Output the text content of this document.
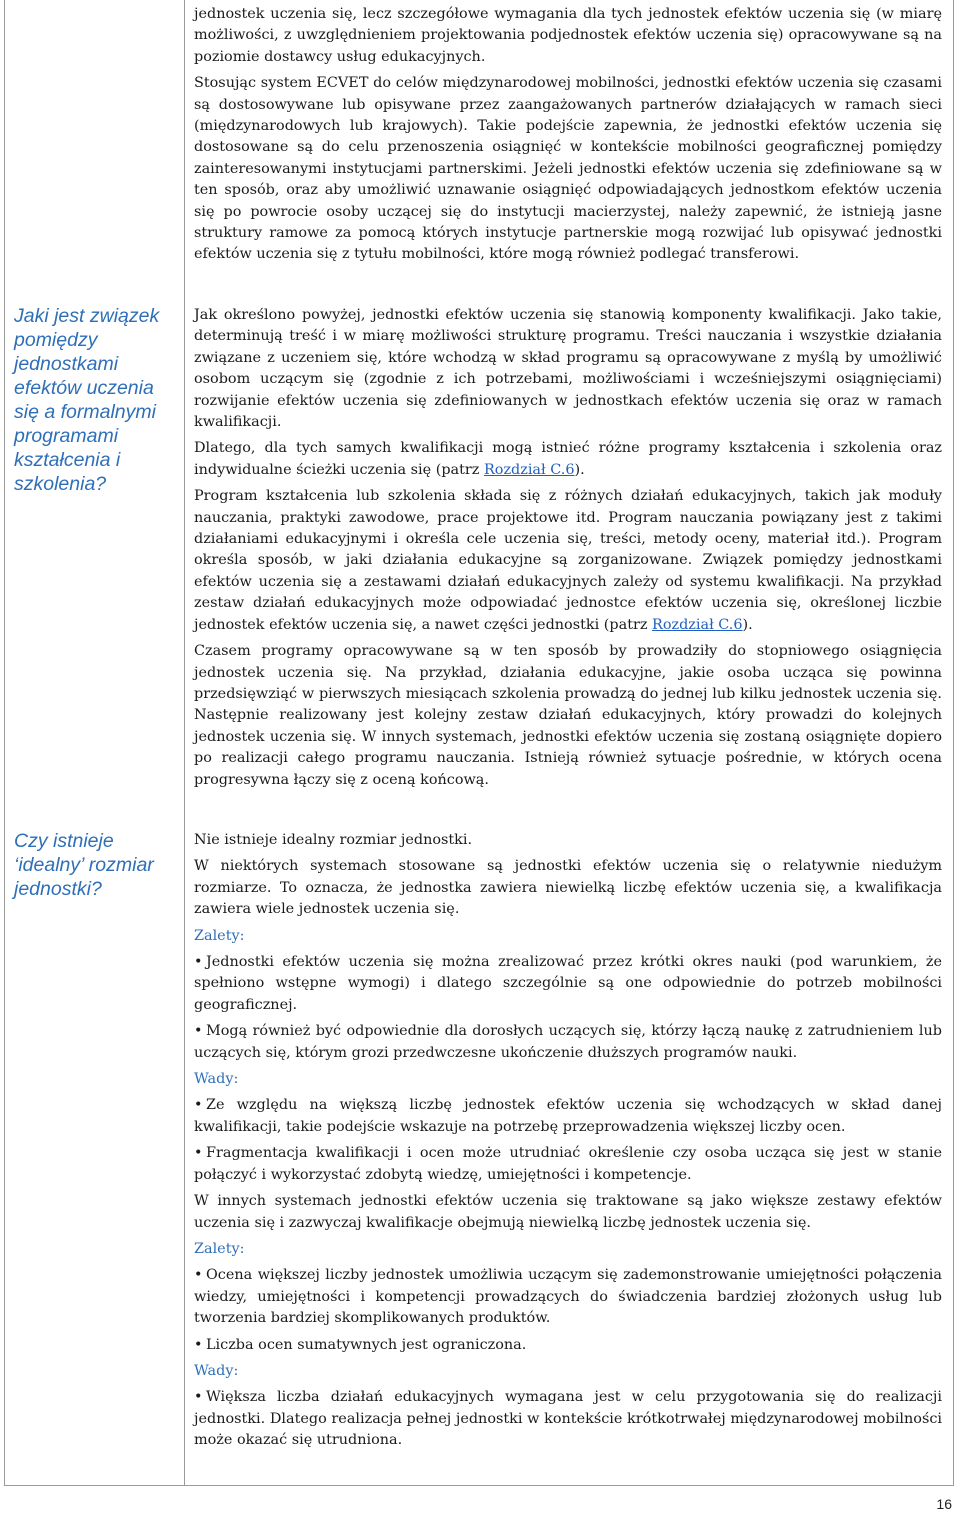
Jaki jest związek pomiędzy jednostkami efektów uczenia się a formalnymi programami kształcenia i szkolenia?
Czy istnieje ‘idealny’ rozmiar jednostki?

jednostek uczenia się, lecz szczegółowe wymagania dla tych jednostek efektów uczenia się (w miarę możliwości, z uwzględnieniem projektowania podjednostek efektów uczenia się) opracowywane są na poziomie dostawcy usług edukacyjnych.

Stosując system ECVET do celów międzynarodowej mobilności, jednostki efektów uczenia się czasami są dostosowywane lub opisywane przez zaangażowanych partnerów działających w ramach sieci (międzynarodowych lub krajowych). Takie podejście zapewnia, że jednostki efektów uczenia się dostosowane są do celu przenoszenia osiągnięć w kontekście mobilności geograficznej pomiędzy zainteresowanymi instytucjami partnerskimi. Jeżeli jednostki efektów uczenia się zdefiniowane są w ten sposób, oraz aby umożliwić uznawanie osiągnięć odpowiadających jednostkom efektów uczenia się po powrocie osoby uczącej się do instytucji macierzystej, należy zapewnić, że istnieją jasne struktury ramowe za pomocą których instytucje partnerskie mogą rozwijać lub opisywać jednostki efektów uczenia się z tytułu mobilności, które mogą również podlegać transferowi.

Jak określono powyżej, jednostki efektów uczenia się stanowią komponenty kwalifikacji. Jako takie, determinują treść i w miarę możliwości strukturę programu. Treści nauczania i wszystkie działania związane z uczeniem się, które wchodzą w skład programu są opracowywane z myślą by umożliwić osobom uczącym się (zgodnie z ich potrzebami, możliwościami i wcześniejszymi osiągnięciami) rozwijanie efektów uczenia się zdefiniowanych w jednostkach efektów uczenia się oraz w ramach kwalifikacji.

Dlatego, dla tych samych kwalifikacji mogą istnieć różne programy kształcenia i szkolenia oraz indywidualne ścieżki uczenia się (patrz Rozdział C.6).

Program kształcenia lub szkolenia składa się z różnych działań edukacyjnych, takich jak moduły nauczania, praktyki zawodowe, prace projektowe itd. Program nauczania powiązany jest z takimi działaniami edukacyjnymi i określa cele uczenia się, treści, metody oceny, materiał itd.). Program określa sposób, w jaki działania edukacyjne są zorganizowane. Związek pomiędzy jednostkami efektów uczenia się a zestawami działań edukacyjnych zależy od systemu kwalifikacji. Na przykład zestaw działań edukacyjnych może odpowiadać jednostce efektów uczenia się, określonej liczbie jednostek efektów uczenia się, a nawet części jednostki (patrz Rozdział C.6).

Czasem programy opracowywane są w ten sposób by prowadziły do stopniowego osiągnięcia jednostek uczenia się. Na przykład, działania edukacyjne, jakie osoba ucząca się powinna przedsięwziąć w pierwszych miesiącach szkolenia prowadzą do jednej lub kilku jednostek uczenia się. Następnie realizowany jest kolejny zestaw działań edukacyjnych, który prowadzi do kolejnych jednostek uczenia się. W innych systemach, jednostki efektów uczenia się zostaną osiągnięte dopiero po realizacji całego programu nauczania. Istnieją również sytuacje pośrednie, w których ocena progresywna łączy się z oceną końcową.

Nie istnieje idealny rozmiar jednostki.

W niektórych systemach stosowane są jednostki efektów uczenia się o relatywnie niedużym rozmiarze. To oznacza, że jednostka zawiera niewielką liczbę efektów uczenia się, a kwalifikacja zawiera wiele jednostek uczenia się.

Zalety:

• Jednostki efektów uczenia się można zrealizować przez krótki okres nauki (pod warunkiem, że spełniono wstępne wymogi) i dlatego szczególnie są one odpowiednie do potrzeb mobilności geograficznej.

• Mogą również być odpowiednie dla dorosłych uczących się, którzy łączą naukę z zatrudnieniem lub uczących się, którym grozi przedwczesne ukończenie dłuższych programów nauki.

Wady:

• Ze względu na większą liczbę jednostek efektów uczenia się wchodzących w skład danej kwalifikacji, takie podejście wskazuje na potrzebę przeprowadzenia większej liczby ocen.

• Fragmentacja kwalifikacji i ocen może utrudniać określenie czy osoba ucząca się jest w stanie połączyć i wykorzystać zdobytą wiedzę, umiejętności i kompetencje.

W innych systemach jednostki efektów uczenia się traktowane są jako większe zestawy efektów uczenia się i zazwyczaj kwalifikacje obejmują niewielką liczbę jednostek uczenia się.

Zalety:

• Ocena większej liczby jednostek umożliwia uczącym się zademonstrowanie umiejętności połączenia wiedzy, umiejętności i kompetencji prowadzących do świadczenia bardziej złożonych usług lub tworzenia bardziej skomplikowanych produktów.

• Liczba ocen sumatywnych jest ograniczona.

Wady:

• Większa liczba działań edukacyjnych wymagana jest w celu przygotowania się do realizacji jednostki. Dlatego realizacja pełnej jednostki w kontekście krótkotrwałej międzynarodowej mobilności może okazać się utrudniona.

16
